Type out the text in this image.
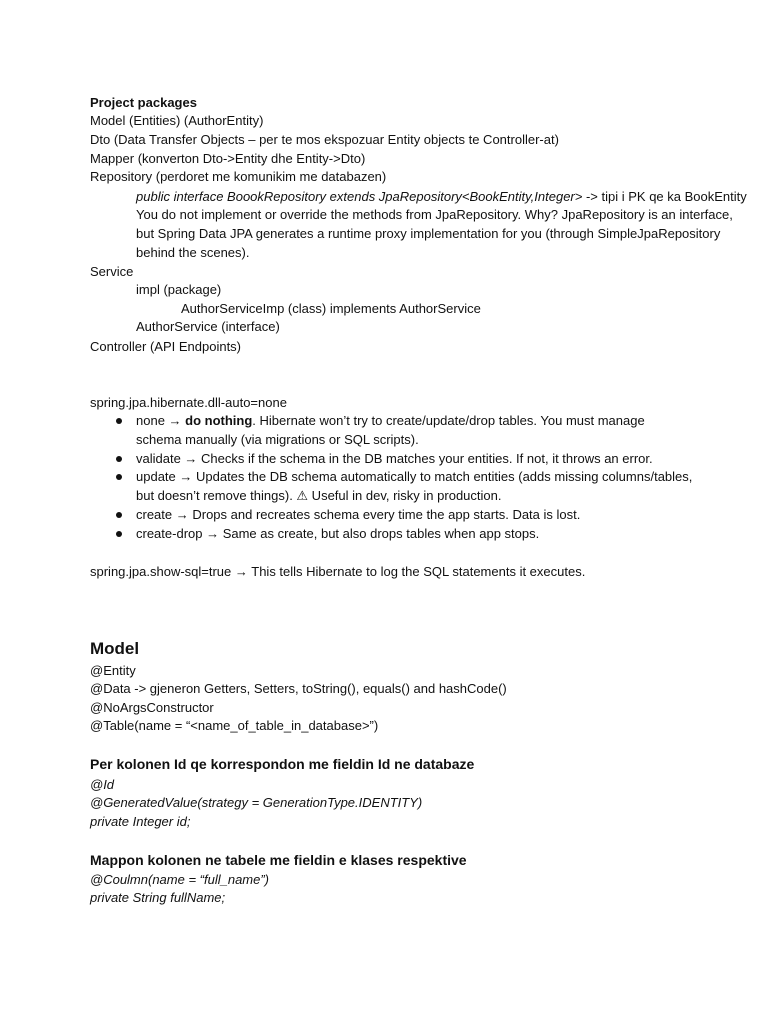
Project packages
Model (Entities) (AuthorEntity)
Dto (Data Transfer Objects – per te mos ekspozuar Entity objects te Controller-at)
Mapper (konverton Dto->Entity dhe Entity->Dto)
Repository (perdoret me komunikim me databazen)
public interface BoookRepository extends JpaRepository<BookEntity,Integer> -> tipi i PK qe ka BookEntity
You do not implement or override the methods from JpaRepository. Why? JpaRepository is an interface,
but Spring Data JPA generates a runtime proxy implementation for you (through SimpleJpaRepository
behind the scenes).
Service
impl (package)
AuthorServiceImp (class) implements AuthorService
AuthorService (interface)
Controller (API Endpoints)
spring.jpa.hibernate.dll-auto=none
none → do nothing. Hibernate won’t try to create/update/drop tables. You must manage
schema manually (via migrations or SQL scripts).
validate → Checks if the schema in the DB matches your entities. If not, it throws an error.
update → Updates the DB schema automatically to match entities (adds missing columns/tables,
but doesn’t remove things). ⚠ Useful in dev, risky in production.
create → Drops and recreates schema every time the app starts. Data is lost.
create-drop → Same as create, but also drops tables when app stops.
spring.jpa.show-sql=true → This tells Hibernate to log the SQL statements it executes.
Model
@Entity
@Data -> gjeneron Getters, Setters, toString(), equals() and hashCode()
@NoArgsConstructor
@Table(name = “<name_of_table_in_database>”)
Per kolonen Id qe korrespondon me fieldin Id ne databaze
@Id
@GeneratedValue(strategy = GenerationType.IDENTITY)
private Integer id;
Mappon kolonen ne tabele me fieldin e klases respektive
@Coulmn(name = “full_name”)
private String fullName;
